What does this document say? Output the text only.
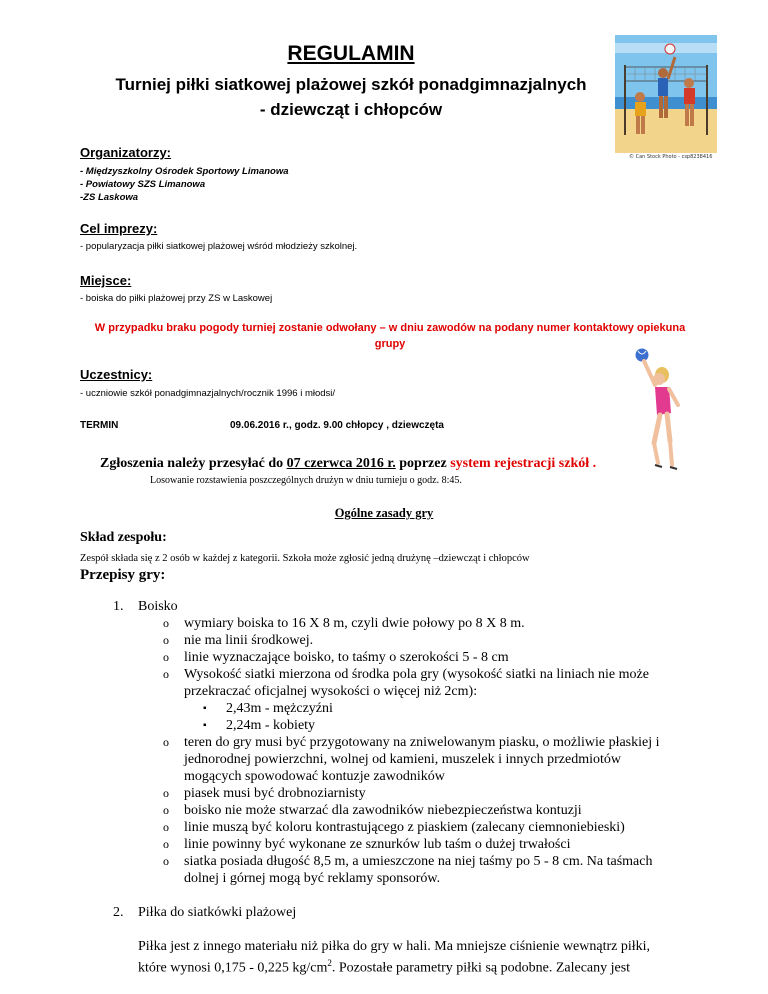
REGULAMIN
Turniej piłki siatkowej plażowej szkół ponadgimnazjalnych
- dziewcząt i chłopców
© Can Stock Photo - csp8238416
Organizatorzy:
- Międzyszkolny Ośrodek Sportowy Limanowa
- Powiatowy SZS Limanowa
-ZS Laskowa
Cel imprezy:
- popularyzacja piłki siatkowej plażowej wśród młodzieży szkolnej.
Miejsce:
- boiska do piłki plażowej przy ZS w Laskowej
W przypadku braku pogody turniej zostanie odwołany – w dniu zawodów na podany numer kontaktowy opiekuna grupy
Uczestnicy:
- uczniowie szkół ponadgimnazjalnych/rocznik 1996 i młodsi/
TERMIN	09.06.2016 r., godz. 9.00 chłopcy , dziewczęta
Zgłoszenia należy przesyłać do 07 czerwca 2016 r. poprzez system rejestracji szkół .
Losowanie rozstawienia poszczególnych drużyn w dniu turnieju o godz. 8:45.
Ogólne zasady gry
Skład zespołu:
Zespół składa się z 2 osób w każdej z kategorii. Szkoła może zgłosić jedną drużynę –dziewcząt i chłopców
Przepisy gry:
1. Boisko
o wymiary boiska to 16 X 8 m, czyli dwie połowy po 8 X 8 m.
o nie ma linii środkowej.
o linie wyznaczające boisko, to taśmy o szerokości 5 - 8 cm
o Wysokość siatki mierzona od środka pola gry (wysokość siatki na liniach nie może
przekraczać oficjalnej wysokości o więcej niż 2cm):
▪ 2,43m - mężczyźni
▪ 2,24m - kobiety
o teren do gry musi być przygotowany na zniwelowanym piasku, o możliwie płaskiej i
jednorodnej powierzchni, wolnej od kamieni, muszelek i innych przedmiotów
mogących spowodować kontuzje zawodników
o piasek musi być drobnoziarnisty
o boisko nie może stwarzać dla zawodników niebezpieczeństwa kontuzji
o linie muszą być koloru kontrastującego z piaskiem (zalecany ciemnoniebieski)
o linie powinny być wykonane ze sznurków lub taśm o dużej trwałości
o siatka posiada długość 8,5 m, a umieszczone na niej taśmy po 5 - 8 cm. Na taśmach
dolnej i górnej mogą być reklamy sponsorów.
2. Piłka do siatkówki plażowej
Piłka jest z innego materiału niż piłka do gry w hali. Ma mniejsze ciśnienie wewnątrz piłki,
które wynosi 0,175 - 0,225 $kg/cm^2$. Pozostałe parametry piłki są podobne. Zalecany jest
